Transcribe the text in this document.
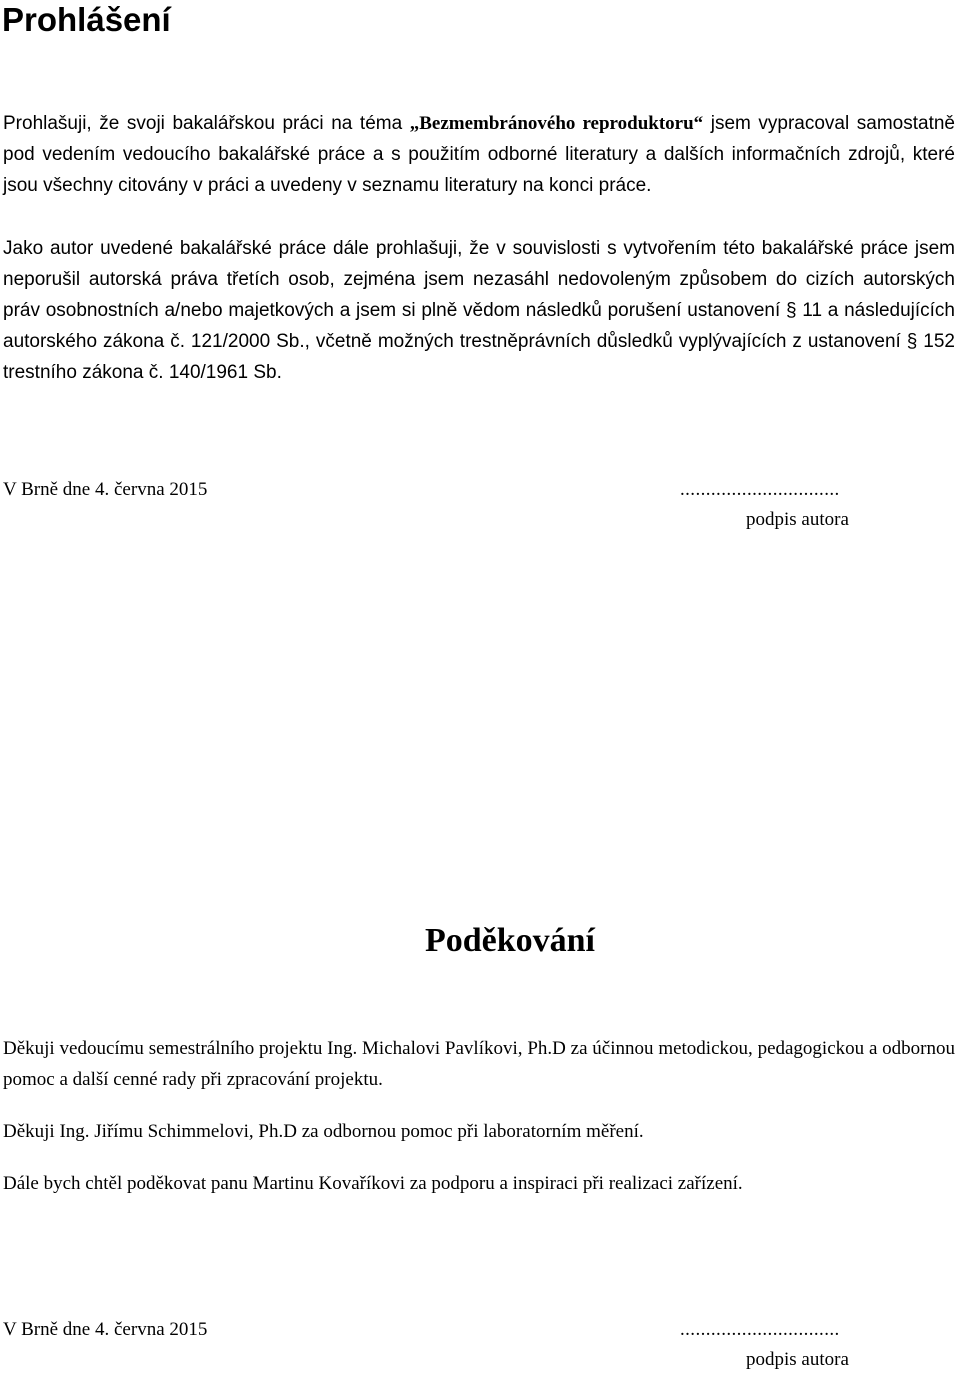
Prohlášení

Prohlašuji, že svoji bakalářskou práci na téma „Bezmembránového reproduktoru“ jsem vypracoval samostatně pod vedením vedoucího bakalářské práce a s použitím odborné literatury a dalších informačních zdrojů, které jsou všechny citovány v práci a uvedeny v seznamu literatury na konci práce.

Jako autor uvedené bakalářské práce dále prohlašuji, že v souvislosti s vytvořením této bakalářské práce jsem neporušil autorská práva třetích osob, zejména jsem nezasáhl nedovoleným způsobem do cizích autorských práv osobnostních a/nebo majetkových a jsem si plně vědom následků porušení ustanovení § 11 a následujících autorského zákona č. 121/2000 Sb., včetně možných trestněprávních důsledků vyplývajících z ustanovení § 152 trestního zákona č. 140/1961 Sb.

V Brně dne 4. června 2015	...............................
podpis autora
Poděkování

Děkuji vedoucímu semestrálního projektu Ing. Michalovi Pavlíkovi, Ph.D za účinnou metodickou, pedagogickou a odbornou pomoc a další cenné rady při zpracování projektu.

Děkuji Ing. Jiřímu Schimmelovi, Ph.D za odbornou pomoc při laboratorním měření.

Dále bych chtěl poděkovat panu Martinu Kovaříkovi za podporu a inspiraci při realizaci zařízení.

V Brně dne 4. června 2015	...............................
podpis autora
